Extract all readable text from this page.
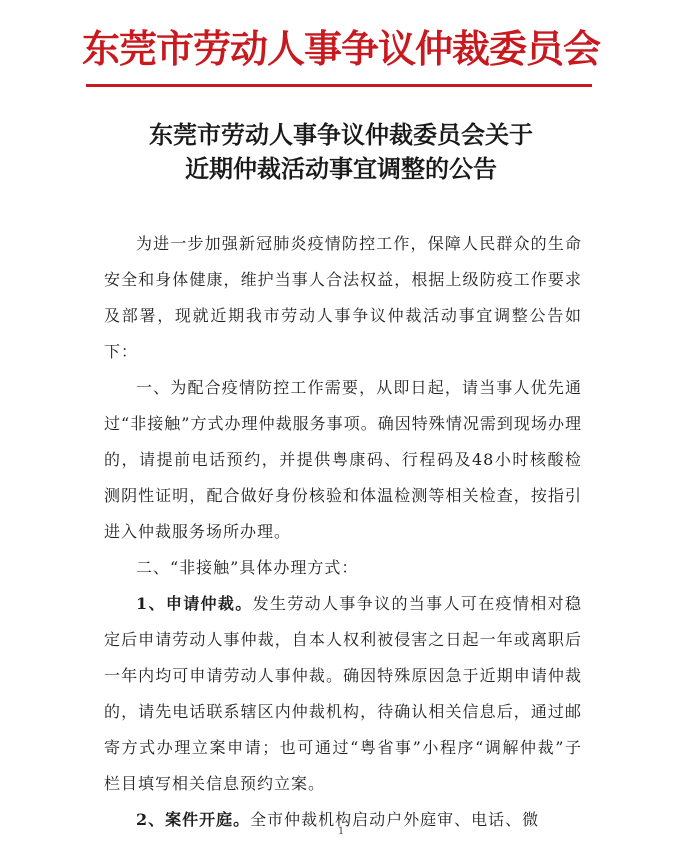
东莞市劳动人事争议仲裁委员会
东莞市劳动人事争议仲裁委员会关于
近期仲裁活动事宜调整的公告

为进一步加强新冠肺炎疫情防控工作，保障人民群众的生命安全和身体健康，维护当事人合法权益，根据上级防疫工作要求及部署，现就近期我市劳动人事争议仲裁活动事宜调整公告如下：

一、为配合疫情防控工作需要，从即日起，请当事人优先通过“非接触”方式办理仲裁服务事项。确因特殊情况需到现场办理的，请提前电话预约，并提供粤康码、行程码及48小时核酸检测阴性证明，配合做好身份核验和体温检测等相关检查，按指引进入仲裁服务场所办理。

二、“非接触”具体办理方式：

1、申请仲裁。发生劳动人事争议的当事人可在疫情相对稳定后申请劳动人事仲裁，自本人权利被侵害之日起一年或离职后一年内均可申请劳动人事仲裁。确因特殊原因急于近期申请仲裁的，请先电话联系辖区内仲裁机构，待确认相关信息后，通过邮寄方式办理立案申请；也可通过“粤省事”小程序“调解仲裁”子栏目填写相关信息预约立案。

2、案件开庭。全市仲裁机构启动户外庭审、电话、微

1
